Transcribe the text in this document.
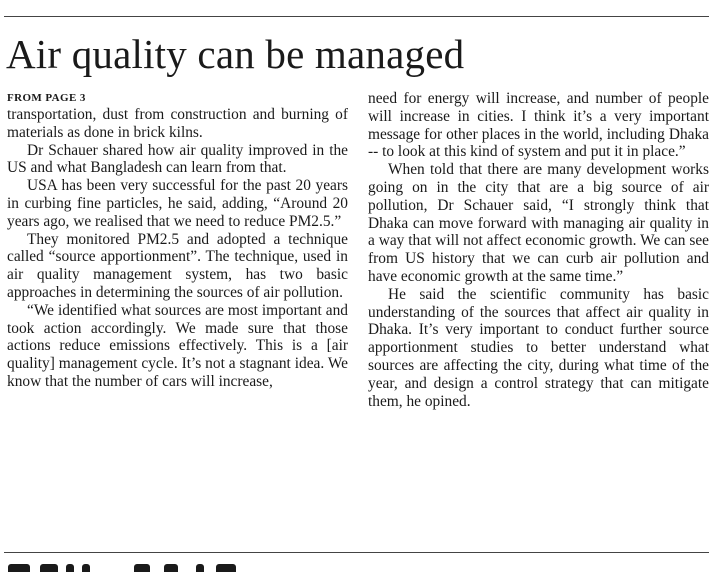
Air quality can be managed
FROM PAGE 3

transportation, dust from construction and burning of materials as done in brick kilns.

Dr Schauer shared how air quality improved in the US and what Bangladesh can learn from that.

USA has been very successful for the past 20 years in curbing fine particles, he said, adding, “Around 20 years ago, we realised that we need to reduce PM2.5.”

They monitored PM2.5 and adopted a technique called “source apportionment”. The technique, used in air quality management system, has two basic approaches in determining the sources of air pollution.

“We identified what sources are most important and took action accordingly. We made sure that those actions reduce emissions effectively. This is a [air quality] management cycle. It’s not a stagnant idea. We know that the number of cars will increase,

need for energy will increase, and number of people will increase in cities. I think it’s a very important message for other places in the world, including Dhaka -- to look at this kind of system and put it in place.”

When told that there are many development works going on in the city that are a big source of air pollution, Dr Schauer said, “I strongly think that Dhaka can move forward with managing air quality in a way that will not affect economic growth. We can see from US history that we can curb air pollution and have economic growth at the same time.”

He said the scientific community has basic understanding of the sources that affect air quality in Dhaka. It’s very important to conduct further source apportionment studies to better understand what sources are affecting the city, during what time of the year, and design a control strategy that can mitigate them, he opined.
